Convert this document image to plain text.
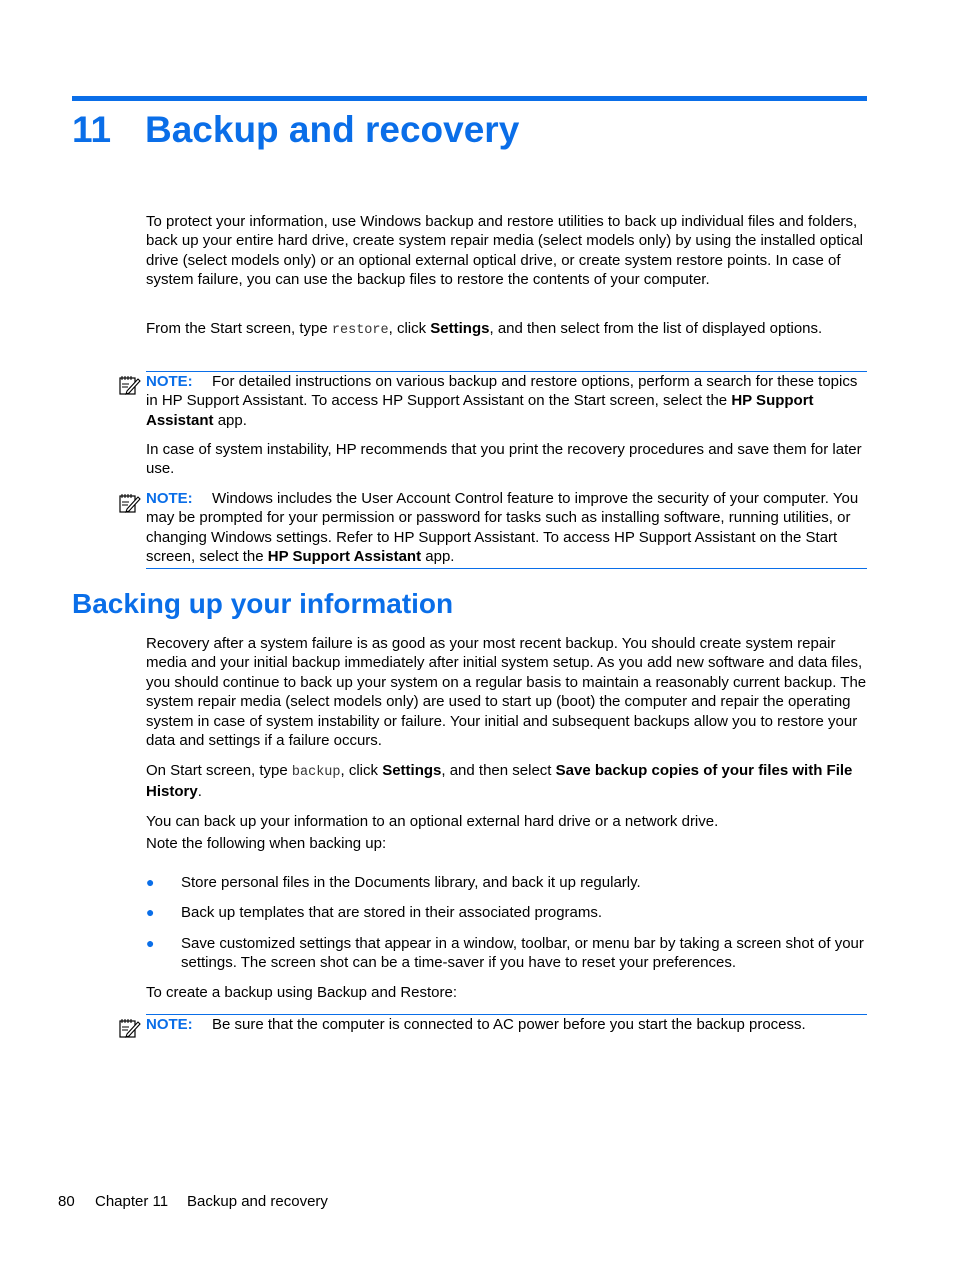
11 Backup and recovery

To protect your information, use Windows backup and restore utilities to back up individual files and folders, back up your entire hard drive, create system repair media (select models only) by using the installed optical drive (select models only) or an optional external optical drive, or create system restore points. In case of system failure, you can use the backup files to restore the contents of your computer.

From the Start screen, type restore, click Settings, and then select from the list of displayed options.

NOTE: For detailed instructions on various backup and restore options, perform a search for these topics in HP Support Assistant. To access HP Support Assistant on the Start screen, select the HP Support Assistant app.

In case of system instability, HP recommends that you print the recovery procedures and save them for later use.

NOTE: Windows includes the User Account Control feature to improve the security of your computer. You may be prompted for your permission or password for tasks such as installing software, running utilities, or changing Windows settings. Refer to HP Support Assistant. To access HP Support Assistant on the Start screen, select the HP Support Assistant app.

Backing up your information

Recovery after a system failure is as good as your most recent backup. You should create system repair media and your initial backup immediately after initial system setup. As you add new software and data files, you should continue to back up your system on a regular basis to maintain a reasonably current backup. The system repair media (select models only) are used to start up (boot) the computer and repair the operating system in case of system instability or failure. Your initial and subsequent backups allow you to restore your data and settings if a failure occurs.

On Start screen, type backup, click Settings, and then select Save backup copies of your files with File History.

You can back up your information to an optional external hard drive or a network drive.

Note the following when backing up:

● Store personal files in the Documents library, and back it up regularly.
● Back up templates that are stored in their associated programs.
● Save customized settings that appear in a window, toolbar, or menu bar by taking a screen shot of your settings. The screen shot can be a time-saver if you have to reset your preferences.

To create a backup using Backup and Restore:

NOTE: Be sure that the computer is connected to AC power before you start the backup process.

80 Chapter 11 Backup and recovery
